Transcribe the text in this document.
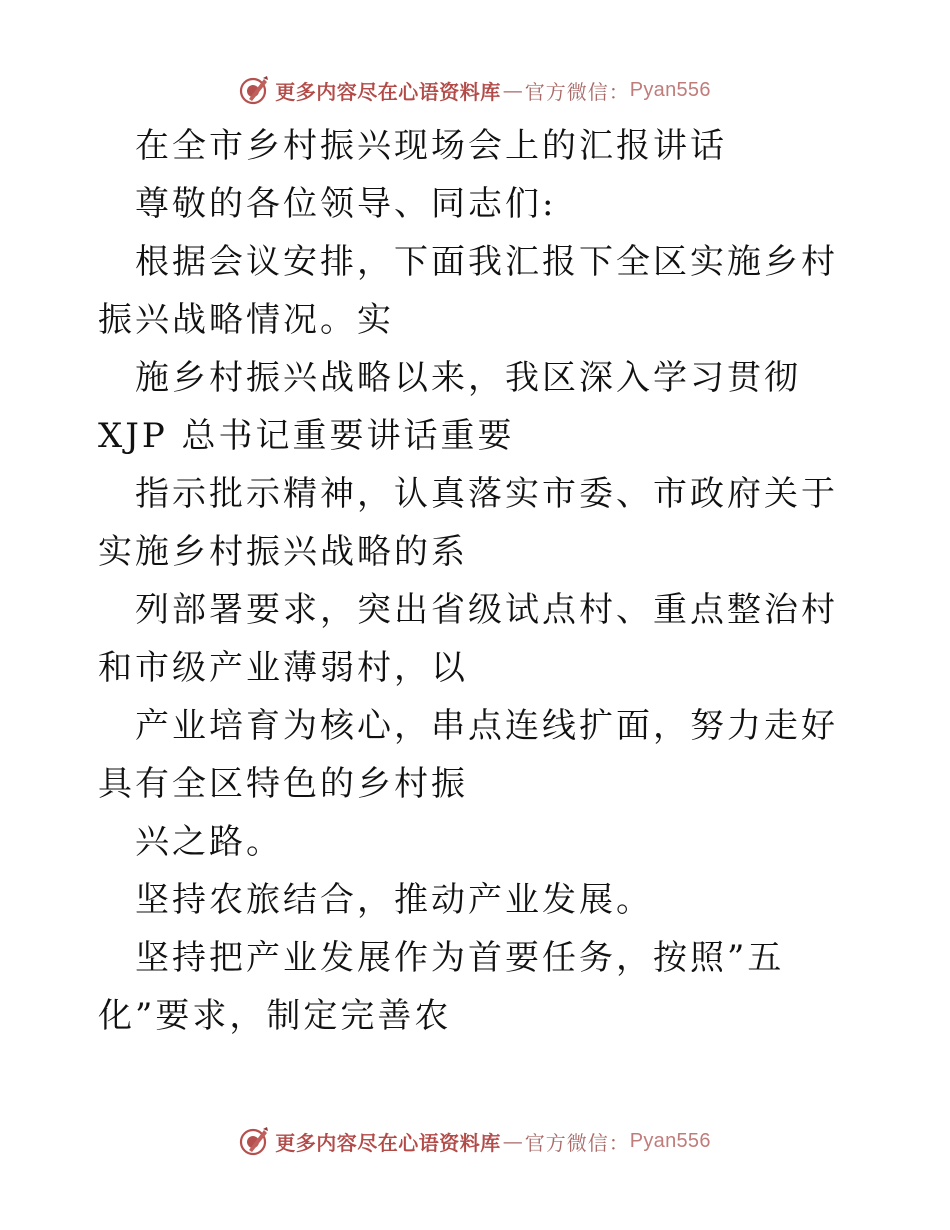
更多内容尽在心语资料库 — 官方微信： Pyan556

在全市乡村振兴现场会上的汇报讲话

尊敬的各位领导、同志们:

根据会议安排，下面我汇报下全区实施乡村振兴战略情况。实

施乡村振兴战略以来，我区深入学习贯彻 XJP 总书记重要讲话重要

指示批示精神，认真落实市委、市政府关于实施乡村振兴战略的系

列部署要求，突出省级试点村、重点整治村和市级产业薄弱村，以

产业培育为核心，串点连线扩面，努力走好具有全区特色的乡村振

兴之路。

坚持农旅结合，推动产业发展。

坚持把产业发展作为首要任务，按照”五化”要求，制定完善农

更多内容尽在心语资料库 — 官方微信： Pyan556
